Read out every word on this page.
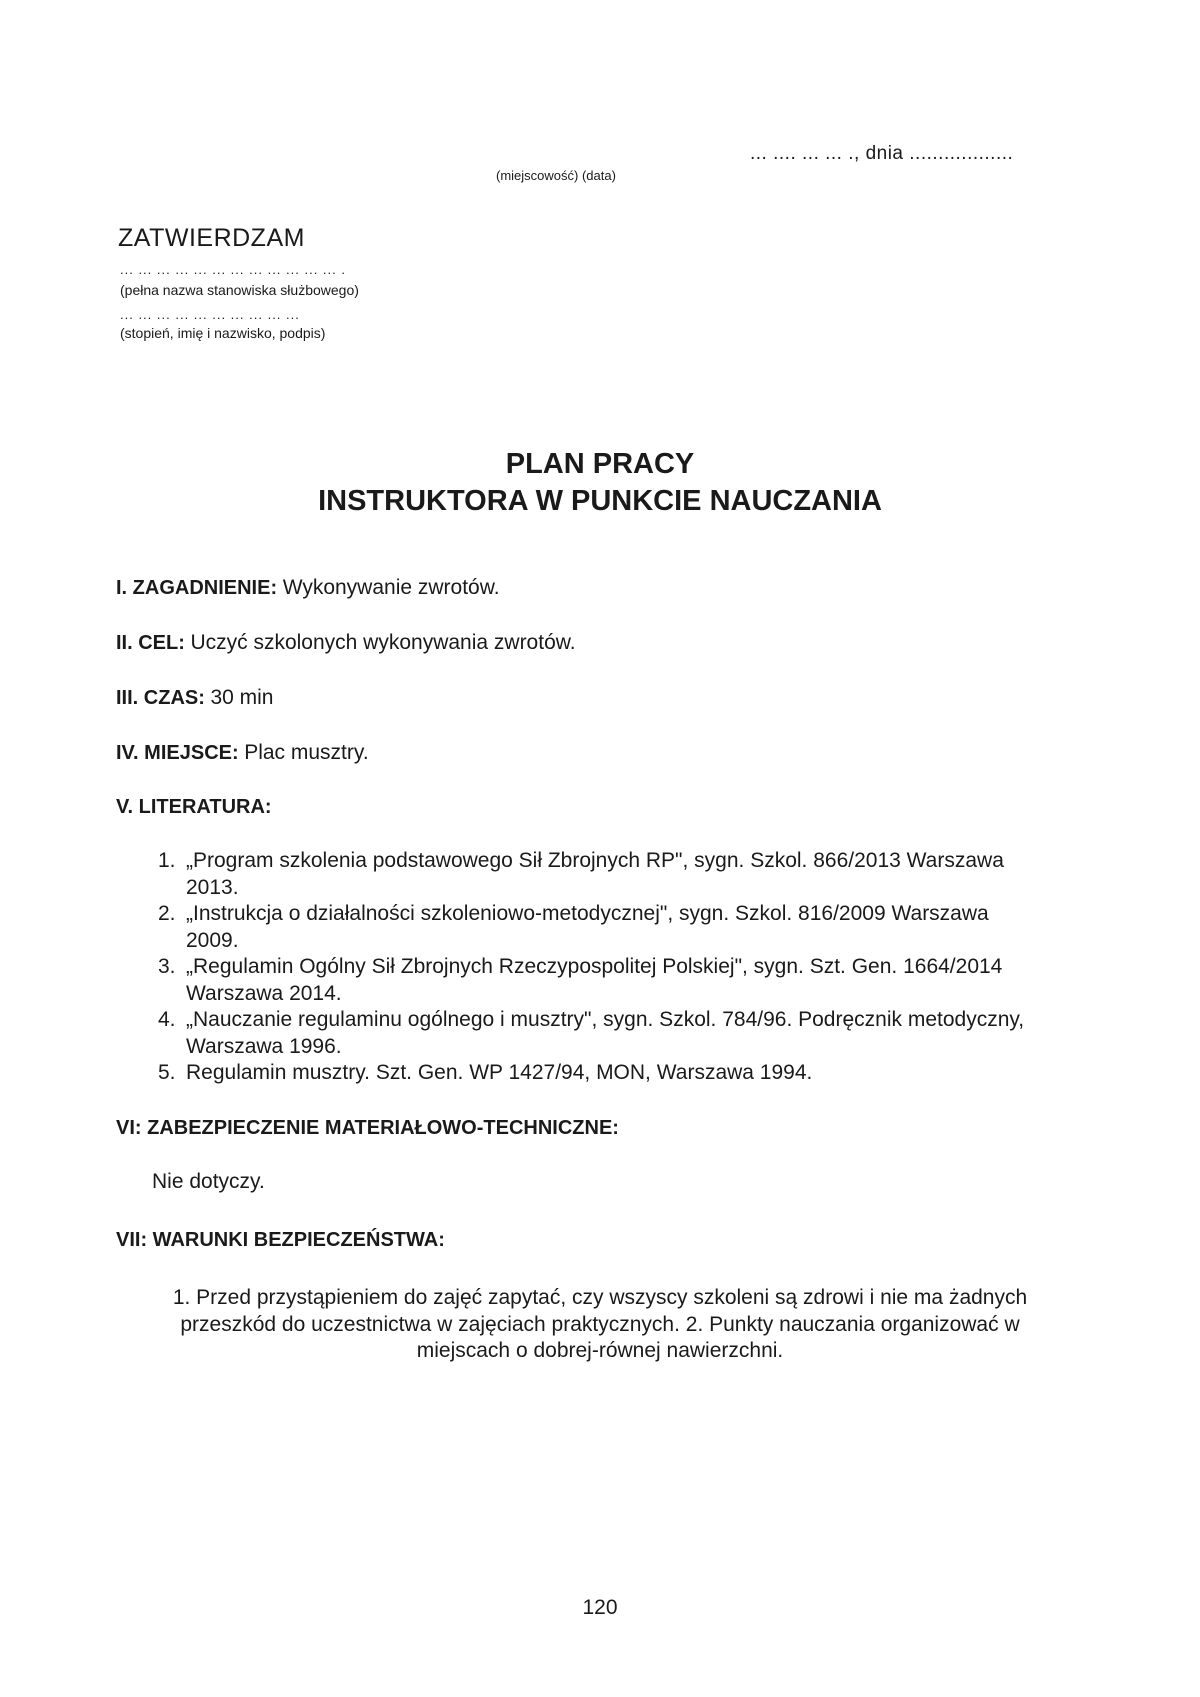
... .... ... ... ., dnia ..................
(miejscowość) (data)
ZATWIERDZAM
... ... ... ... ... ... ... ... ... ... ... ... .
(pełna nazwa stanowiska służbowego)
... ... ... ... ... ... ... ... ... ...
(stopień, imię i nazwisko, podpis)
PLAN PRACY
INSTRUKTORA W PUNKCIE NAUCZANIA
I. ZAGADNIENIE: Wykonywanie zwrotów.
II. CEL: Uczyć szkolonych wykonywania zwrotów.
III. CZAS: 30 min
IV. MIEJSCE: Plac musztry.
V. LITERATURA:
1. „Program szkolenia podstawowego Sił Zbrojnych RP", sygn. Szkol. 866/2013 Warszawa 2013.
2. „Instrukcja o działalności szkoleniowo-metodycznej", sygn. Szkol. 816/2009 Warszawa 2009.
3. „Regulamin Ogólny Sił Zbrojnych Rzeczypospolitej Polskiej", sygn. Szt. Gen. 1664/2014 Warszawa 2014.
4. „Nauczanie regulaminu ogólnego i musztry", sygn. Szkol. 784/96. Podręcznik metodyczny, Warszawa 1996.
5. Regulamin musztry. Szt. Gen. WP 1427/94, MON, Warszawa 1994.
VI: ZABEZPIECZENIE MATERIAŁOWO-TECHNICZNE:
Nie dotyczy.
VII: WARUNKI BEZPIECZEŃSTWA:
1. Przed przystąpieniem do zajęć zapytać, czy wszyscy szkoleni są zdrowi i nie ma żadnych przeszkód do uczestnictwa w zajęciach praktycznych. 2. Punkty nauczania organizować w miejscach o dobrej-równej nawierzchni.
120
